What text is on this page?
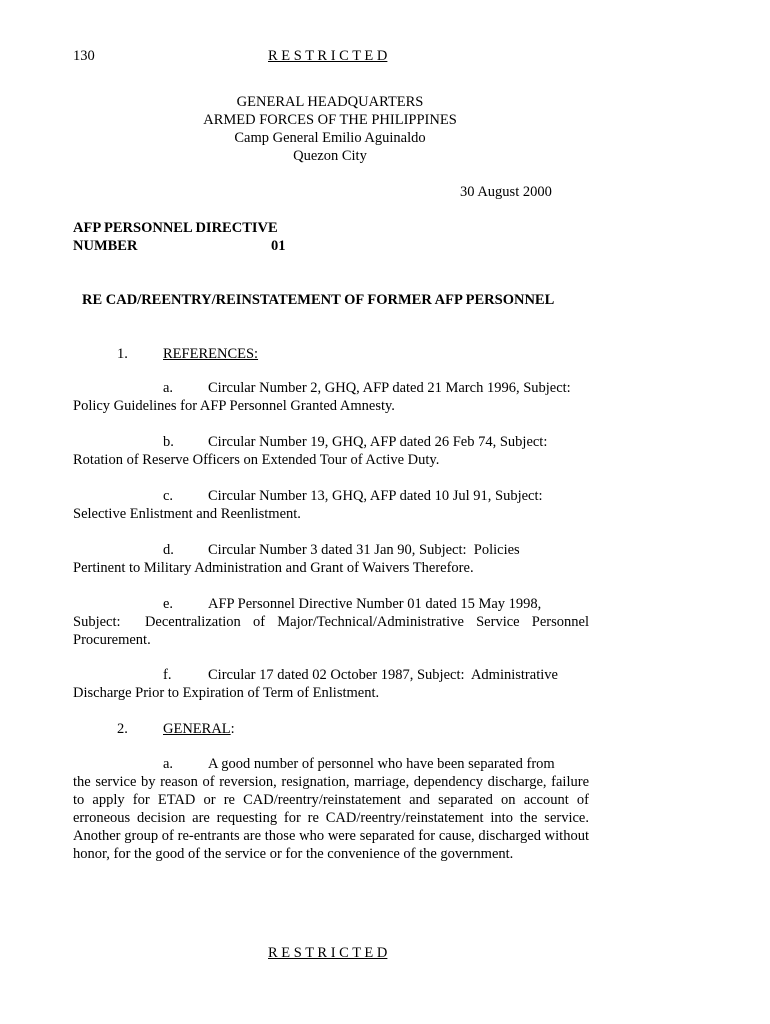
130	R E S T R I C T E D
GENERAL HEADQUARTERS
ARMED FORCES OF THE PHILIPPINES
Camp General Emilio Aguinaldo
Quezon City
30 August 2000
AFP PERSONNEL DIRECTIVE
NUMBER	01
RE CAD/REENTRY/REINSTATEMENT OF FORMER AFP PERSONNEL
1. REFERENCES:
a. Circular Number 2, GHQ, AFP dated 21 March 1996, Subject:
Policy Guidelines for AFP Personnel Granted Amnesty.
b. Circular Number 19, GHQ, AFP dated 26 Feb 74, Subject:
Rotation of Reserve Officers on Extended Tour of Active Duty.
c. Circular Number 13, GHQ, AFP dated 10 Jul 91, Subject:
Selective Enlistment and Reenlistment.
d. Circular Number 3 dated 31 Jan 90, Subject:  Policies
Pertinent to Military Administration and Grant of Waivers Therefore.
e. AFP Personnel Directive Number 01 dated 15 May 1998,
Subject:  Decentralization of Major/Technical/Administrative Service Personnel Procurement.
f.	Circular 17 dated 02 October 1987, Subject:  Administrative
Discharge Prior to Expiration of Term of Enlistment.
2. GENERAL:
a. A good number of personnel who have been separated from
the service by reason of reversion, resignation, marriage, dependency discharge, failure to apply for ETAD or re CAD/reentry/reinstatement and separated on account of erroneous decision are requesting for re CAD/reentry/reinstatement into the service.  Another group of re-entrants are those who were separated for cause, discharged without honor, for the good of the service or for the convenience of the government.
R E S T R I C T E D
